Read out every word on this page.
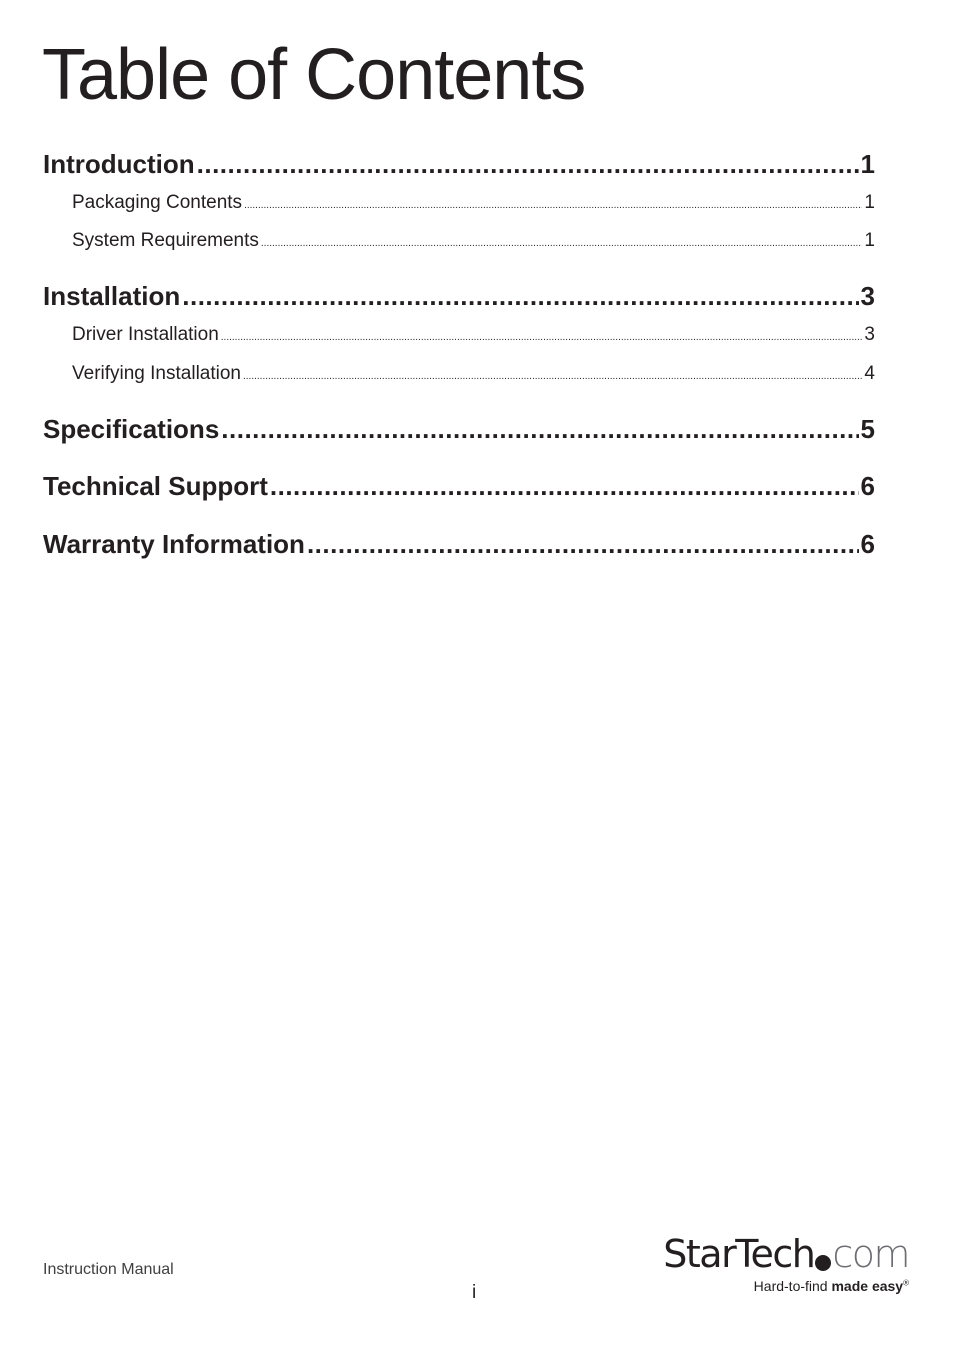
Table of Contents
Introduction .....	1
Packaging Contents .....	1
System Requirements .....	1
Installation .....	3
Driver Installation .....	3
Verifying Installation .....	4
Specifications .....	5
Technical Support .....	6
Warranty Information .....	6
Instruction Manual
i
StarTech com
Hard-to-find made easy®
